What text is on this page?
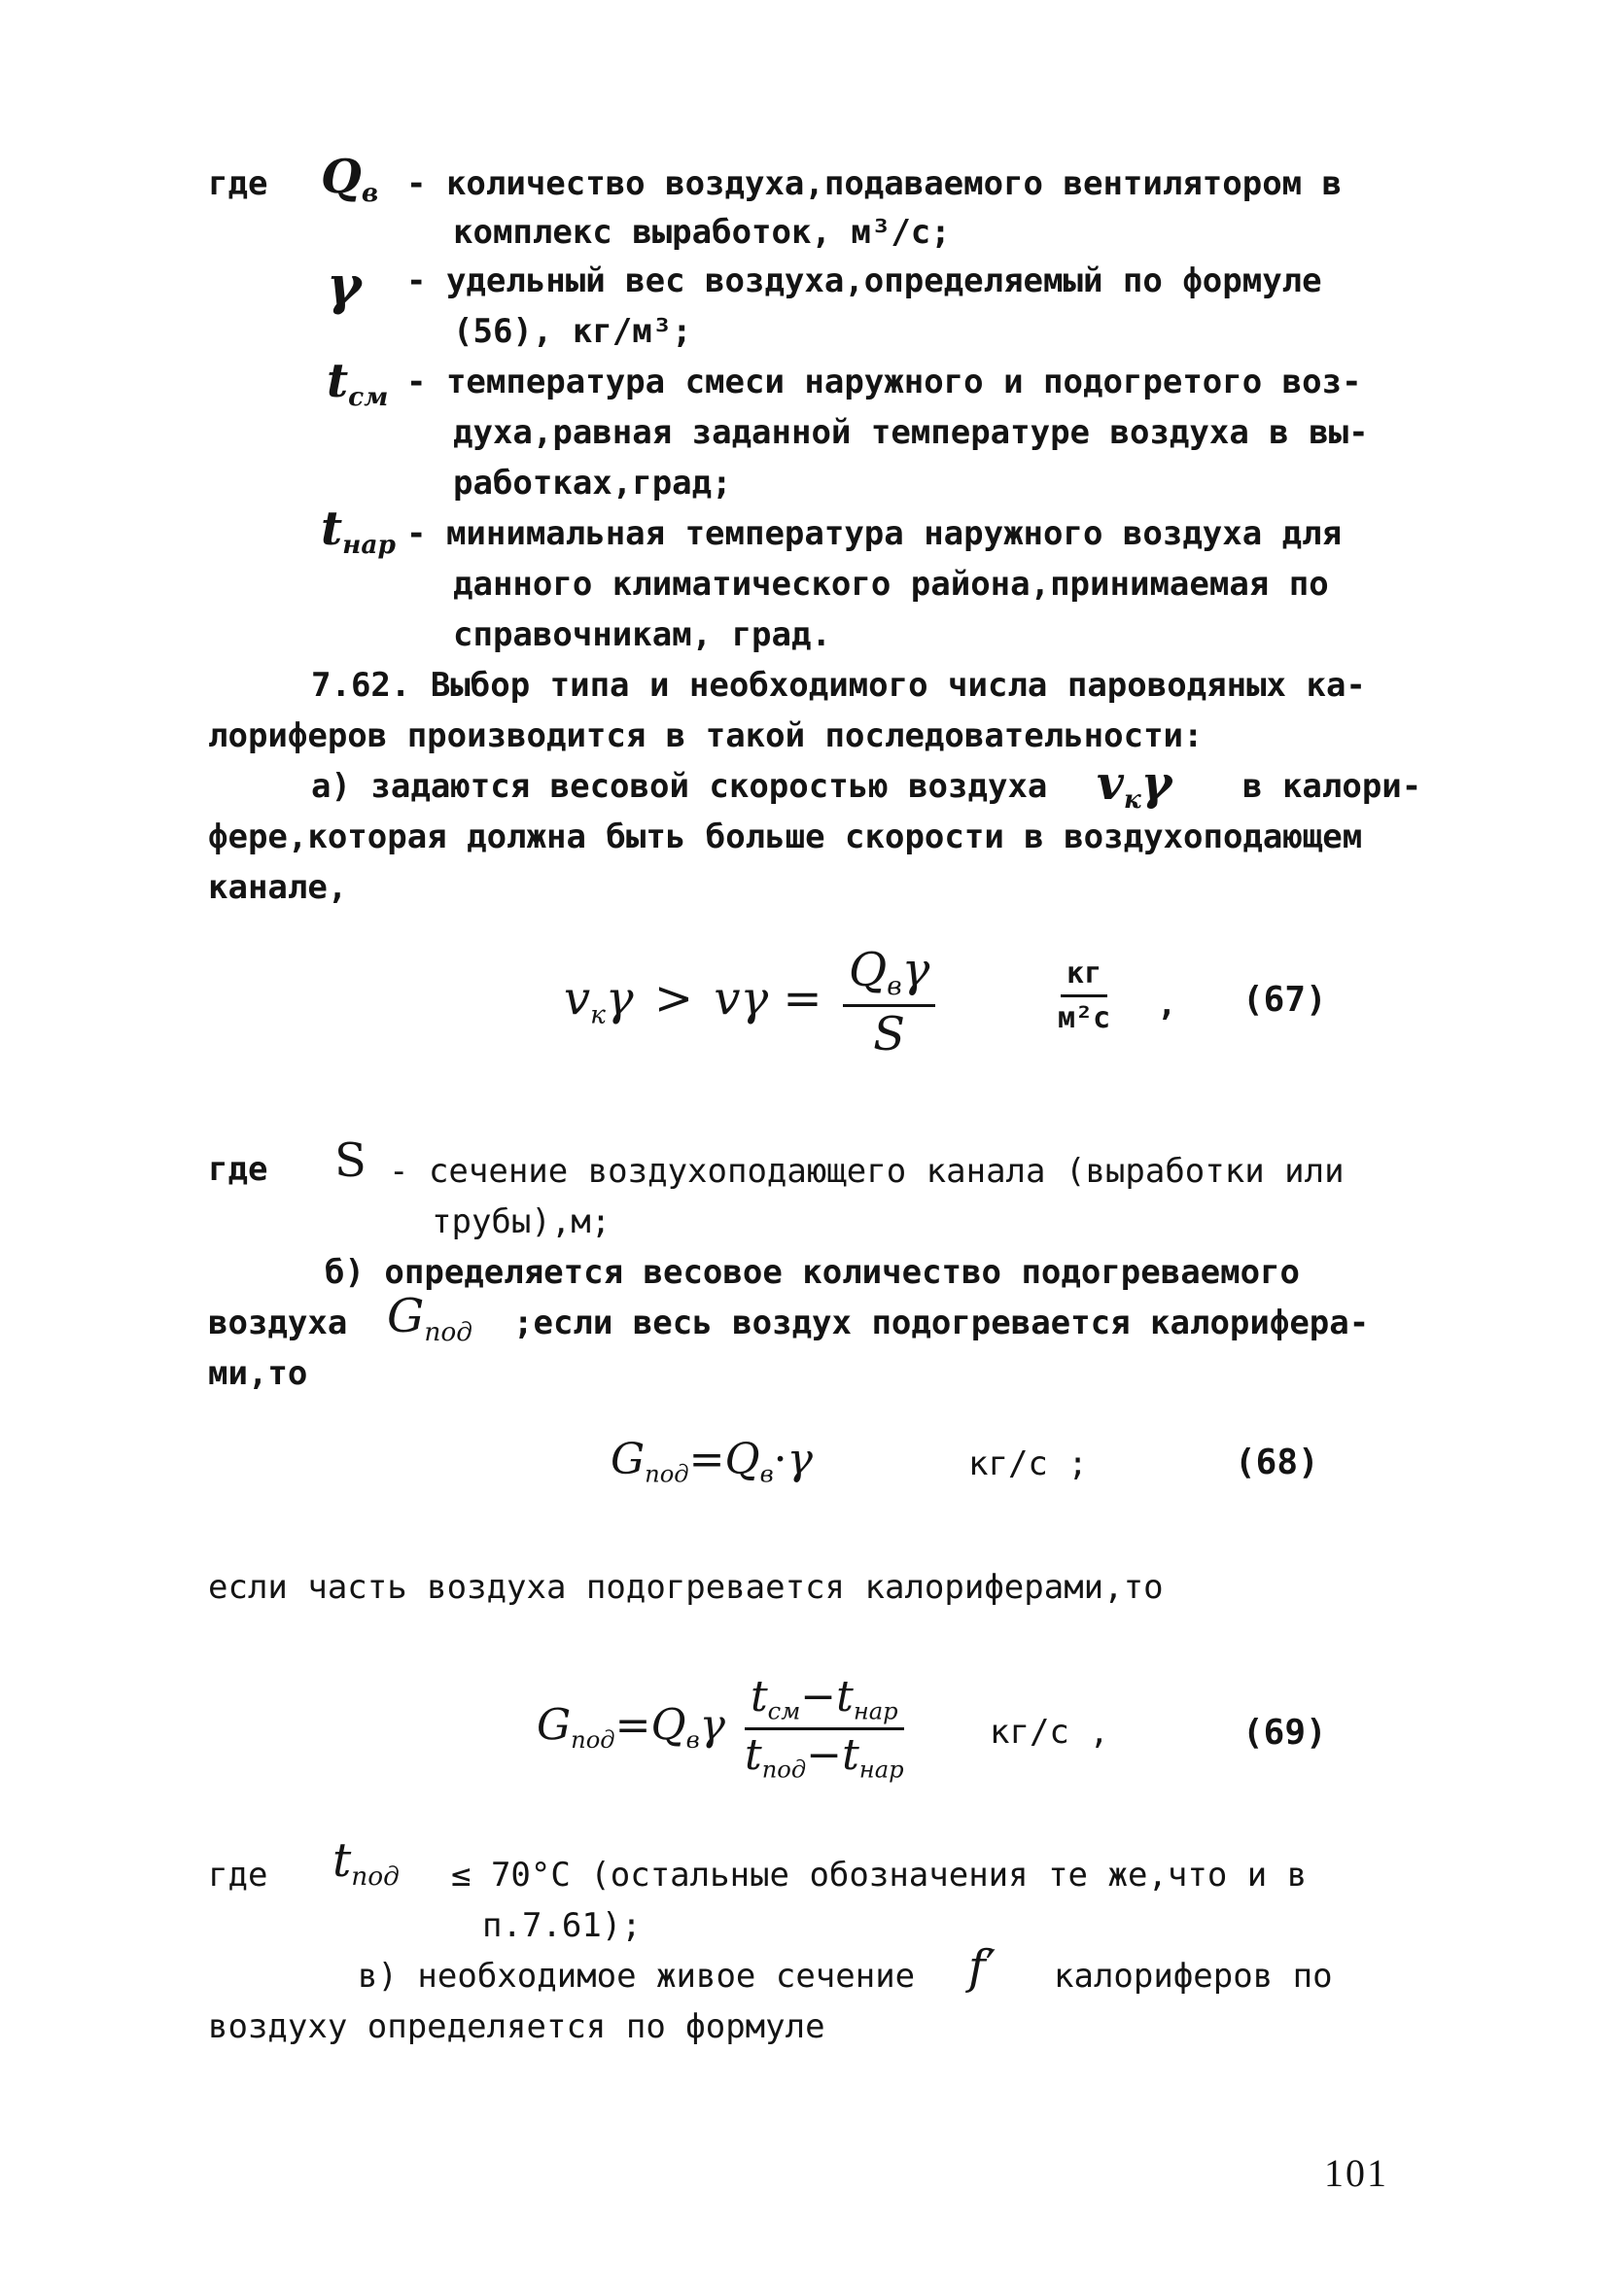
где $Q_в$ - количество воздуха,подаваемого вентилятором в
комплекс выработок, м³/с;
γ - удельный вес воздуха,определяемый по формуле
(56), кг/м³;
$t_{см}$ - температура смеси наружного и подогретого воз-
духа,равная заданной температуре воздуха в вы-
работках,град;
$t_{нар}$ - минимальная температура наружного воздуха для
данного климатического района,принимаемая по
справочникам, град.
7.62. Выбор типа и необходимого числа пароводяных ка-
лориферов производится в такой последовательности:
а) задаются весовой скоростью воздуха $v_к\gamma$ в калори-
фере,которая должна быть больше скорости в воздухоподающем
канале,
$v_к\gamma > v\gamma = \frac{Q_в\gamma}{S}$	$\frac{кг}{\text{м²с}}$ , (67)
где S - сечение воздухоподающего канала (выработки или
трубы),м;
б) определяется весовое количество подогреваемого
воздуха $G_{под}$ ;если весь воздух подогревается калорифера-
ми,то
$G_{под}=Q_в\cdot\gamma$	кг/с ;	(68)
если часть воздуха подогревается калориферами,то
$G_{под}=Q_в\gamma \frac{t_{см}-t_{нар}}{t_{под}-t_{нар}}$	кг/с ,	(69)
где $t_{под} \le 70^\circ С$ (остальные обозначения те же,что и в
п.7.61);
в) необходимое живое сечение f′ калориферов по
воздуху определяется по формуле
101
